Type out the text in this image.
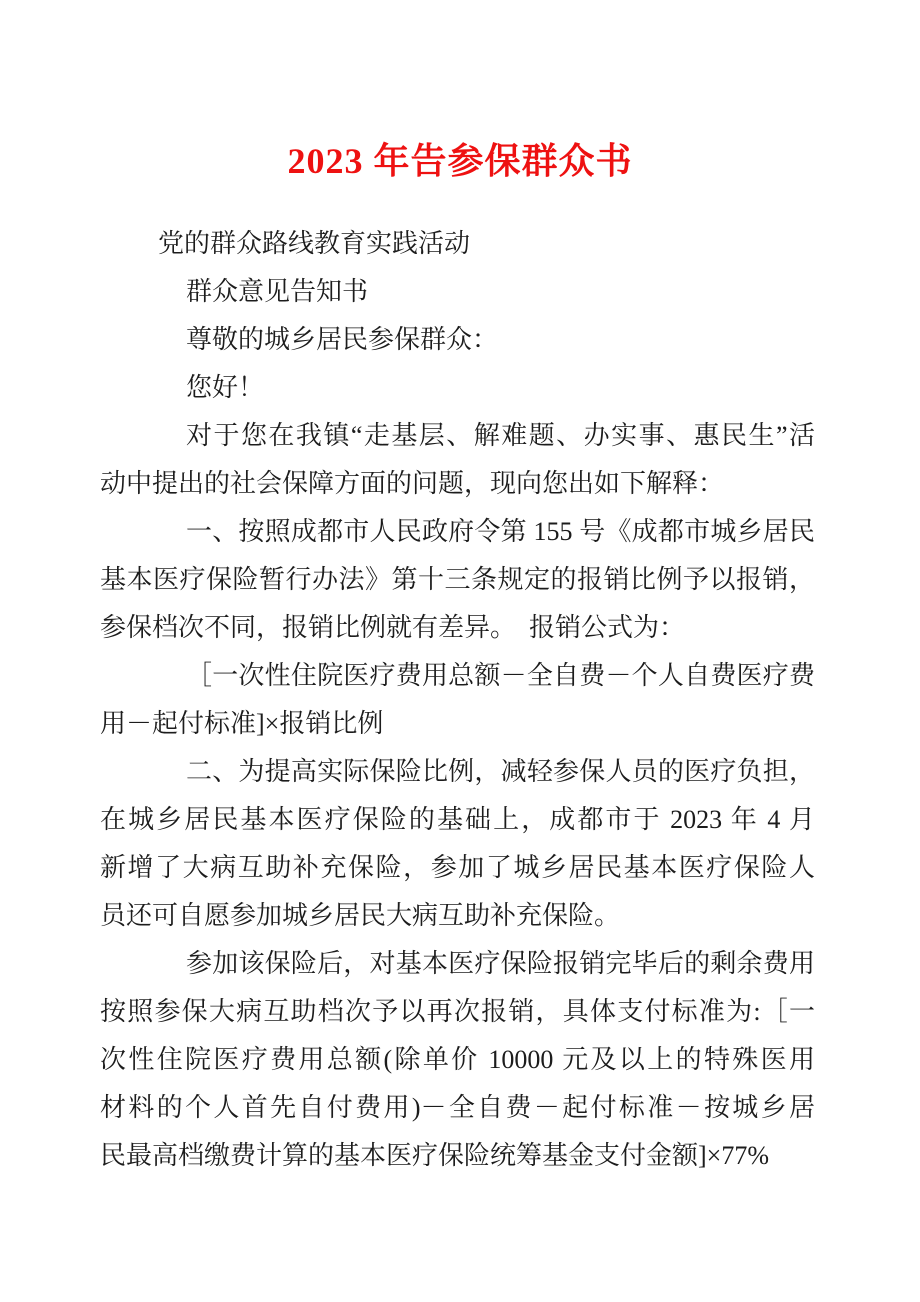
2023 年告参保群众书
党的群众路线教育实践活动
群众意见告知书
尊敬的城乡居民参保群众：
您好！
对于您在我镇“走基层、解难题、办实事、惠民生”活
动中提出的社会保障方面的问题，现向您出如下解释：
一、按照成都市人民政府令第 155 号《成都市城乡居民
基本医疗保险暂行办法》第十三条规定的报销比例予以报销，
参保档次不同，报销比例就有差异。　报销公式为：
［一次性住院医疗费用总额－全自费－个人自费医疗费
用－起付标准]×报销比例
二、为提高实际保险比例，减轻参保人员的医疗负担，
在城乡居民基本医疗保险的基础上，成都市于 2023 年 4 月
新增了大病互助补充保险，参加了城乡居民基本医疗保险人
员还可自愿参加城乡居民大病互助补充保险。
参加该保险后，对基本医疗保险报销完毕后的剩余费用
按照参保大病互助档次予以再次报销，具体支付标准为:［一
次性住院医疗费用总额(除单价 10000 元及以上的特殊医用
材料的个人首先自付费用)－全自费－起付标准－按城乡居
民最高档缴费计算的基本医疗保险统筹基金支付金额]×77%
